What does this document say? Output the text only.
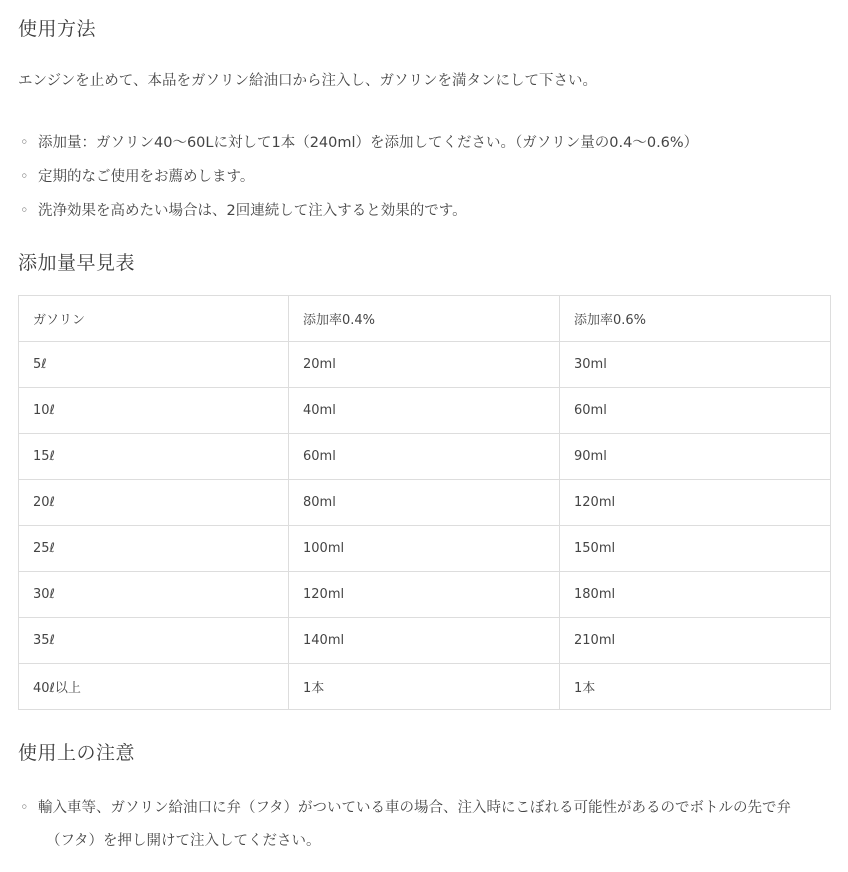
使用方法

エンジンを止めて、本品をガソリン給油口から注入し、ガソリンを満タンにして下さい。

◦ 添加量：ガソリン40～60Lに対して1本（240ml）を添加してください。（ガソリン量の0.4～0.6%）
◦ 定期的なご使用をお薦めします。
◦ 洗浄効果を高めたい場合は、2回連続して注入すると効果的です。
添加量早見表
ガソリン	添加率0.4%	添加率0.6%
5ℓ	20ml	30ml
10ℓ	40ml	60ml
15ℓ	60ml	90ml
20ℓ	80ml	120ml
25ℓ	100ml	150ml
30ℓ	120ml	180ml
35ℓ	140ml	210ml
40ℓ以上	1本	1本
使用上の注意
◦ 輸入車等、ガソリン給油口に弁（フタ）がついている車の場合、注入時にこぼれる可能性があるのでボトルの先で弁
（フタ）を押し開けて注入してください。
